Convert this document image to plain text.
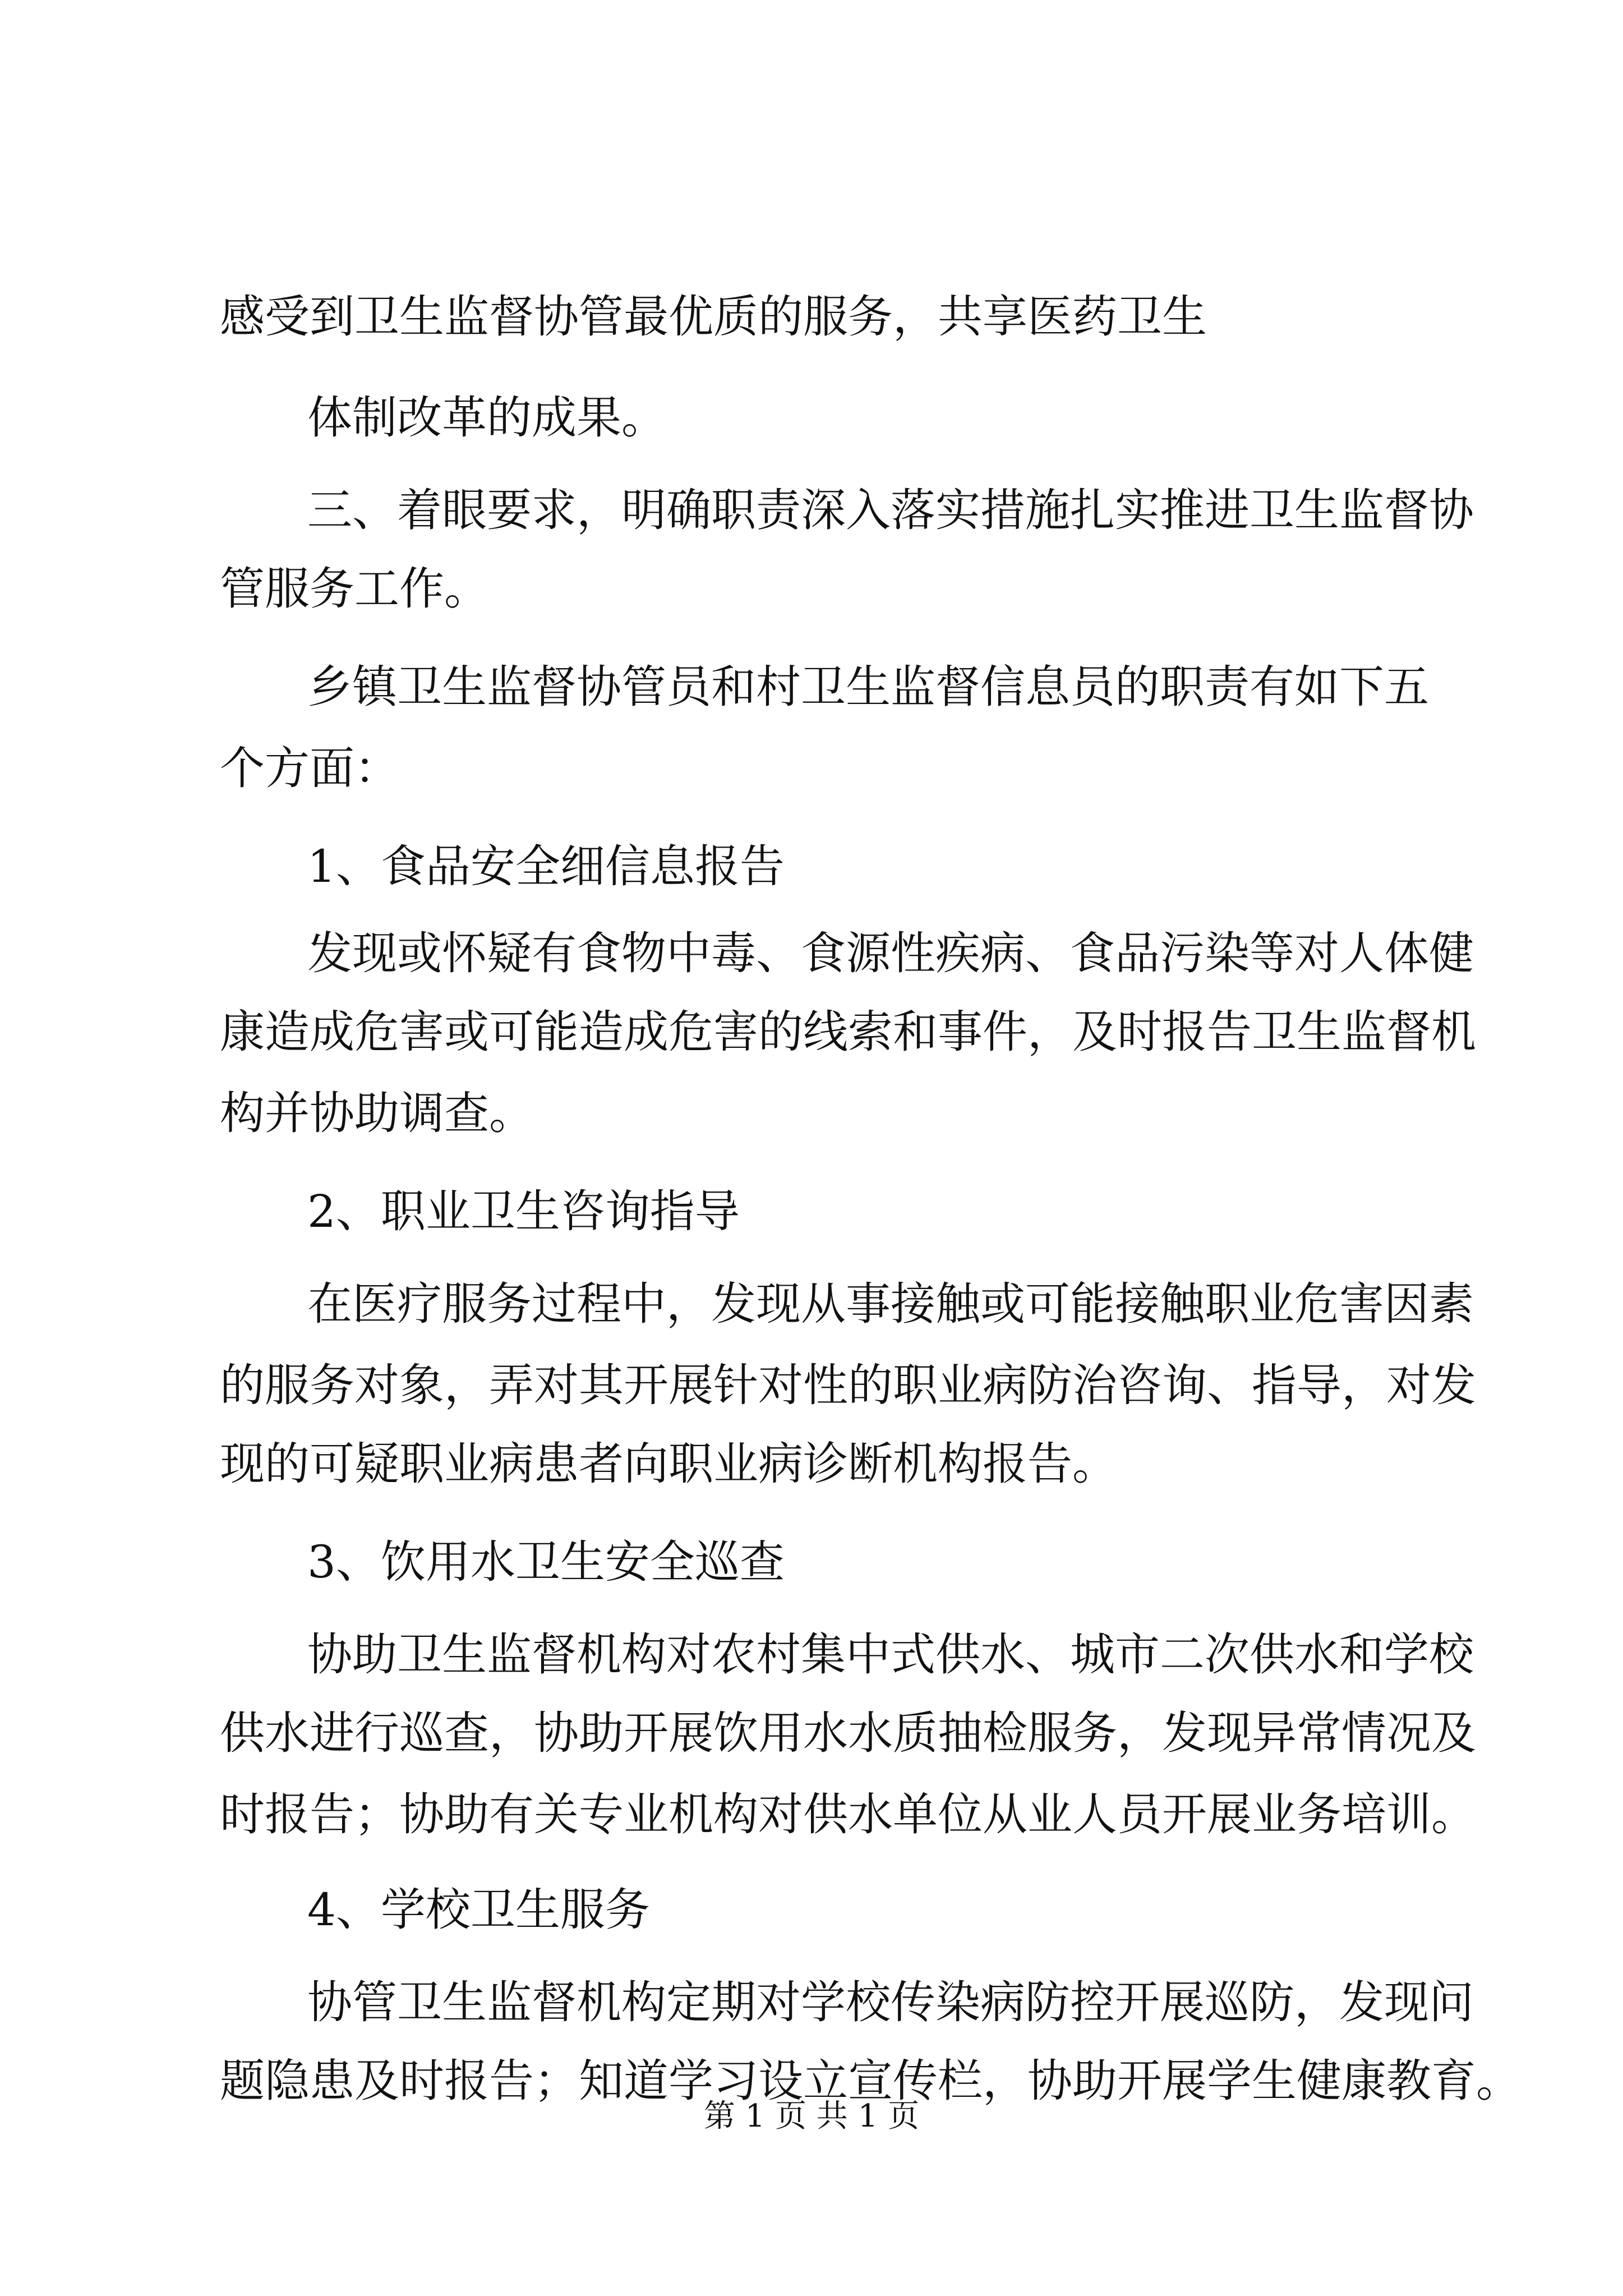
感受到卫生监督协管最优质的服务，共享医药卫生

体制改革的成果。

三、着眼要求，明确职责深入落实措施扎实推进卫生监督协

管服务工作。

乡镇卫生监督协管员和村卫生监督信息员的职责有如下五

个方面：

1、食品安全细信息报告

发现或怀疑有食物中毒、食源性疾病、食品污染等对人体健

康造成危害或可能造成危害的线索和事件，及时报告卫生监督机

构并协助调查。

2、职业卫生咨询指导

在医疗服务过程中，发现从事接触或可能接触职业危害因素

的服务对象，弄对其开展针对性的职业病防治咨询、指导，对发

现的可疑职业病患者向职业病诊断机构报告。

3、饮用水卫生安全巡查

协助卫生监督机构对农村集中式供水、城市二次供水和学校

供水进行巡查，协助开展饮用水水质抽检服务，发现异常情况及

时报告；协助有关专业机构对供水单位从业人员开展业务培训。

4、学校卫生服务

协管卫生监督机构定期对学校传染病防控开展巡防，发现问

题隐患及时报告；知道学习设立宣传栏，协助开展学生健康教育。

第 1 页 共 1 页
